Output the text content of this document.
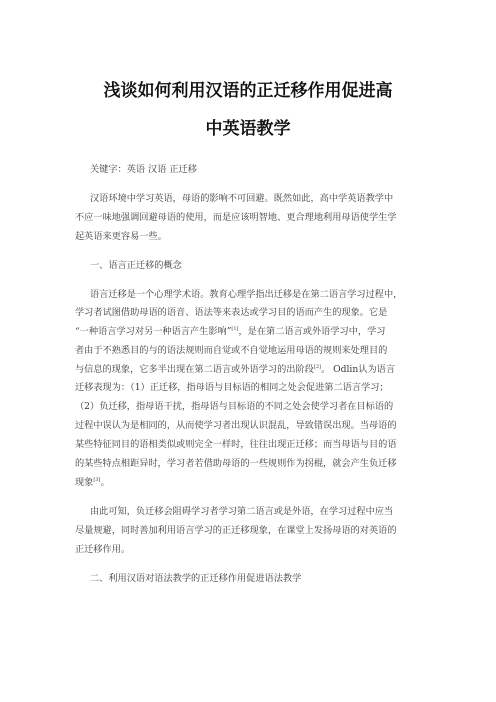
浅谈如何利用汉语的正迁移作用促进高
中英语教学
关键字：英语 汉语 正迁移
汉语环境中学习英语，母语的影响不可回避。既然如此，高中学英语教学中
不应一味地强调回避母语的使用，而是应该明智地、更合理地利用母语使学生学
起英语来更容易一些。
一、语言正迁移的概念
语言迁移是一个心理学术语。教育心理学指出迁移是在第二语言学习过程中，
学习者试图借助母语的语音、语法等来表达或学习目的语而产生的现象。它是
“一种语言学习对另一种语言产生影响”[1]，是在第二语言或外语学习中，学习
者由于不熟悉目的与的语法规则而自觉或不自觉地运用母语的规则来处理目的
与信息的现象，它多半出现在第二语言或外语学习的出阶段[2]。 Odlin认为语言
迁移表现为：（1）正迁移，指母语与目标语的相同之处会促进第二语言学习；
（2）负迁移，指母语干扰，指母语与目标语的不同之处会使学习者在目标语的
过程中误认为是相同的，从而使学习者出现认识混乱，导致错误出现。当母语的
某些特征同目的语相类似或则完全一样时，往往出现正迁移；而当母语与目的语
的某些特点相距异时，学习者若借助母语的一些规则作为拐棍，就会产生负迁移
现象[3]。
由此可知，负迁移会阻碍学习者学习第二语言或是外语，在学习过程中应当
尽量规避，同时善加利用语言学习的正迁移现象，在课堂上发扬母语的对英语的
正迁移作用。
二、利用汉语对语法教学的正迁移作用促进语法教学
